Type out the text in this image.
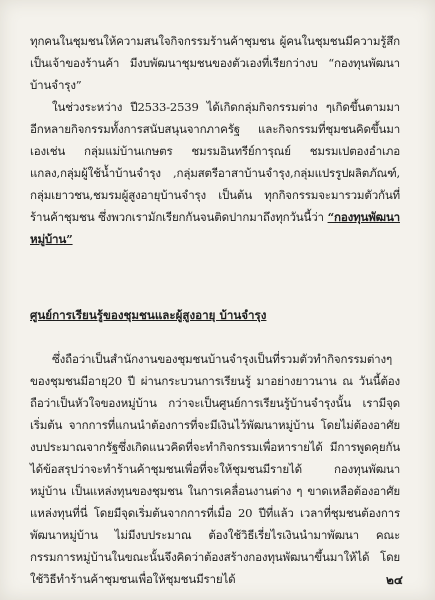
ทุกคนในชุมชนให้ความสนใจกิจกรรมร้านค้าชุมชน ผู้คนในชุมชนมีความรู้สึกเป็นเจ้าของร้านค้า มีงบพัฒนาชุมชนของตัวเองที่เรียกว่างบ “กองทุนพัฒนาบ้านจำรุง”
ในช่วงระหว่าง ปี2533-2539 ได้เกิดกลุ่มกิจกรรมต่าง ๆเกิดขึ้นตามมา อีกหลายกิจกรรมทั้งการสนับสนุนจากภาครัฐ และกิจกรรมที่ชุมชนคิดขึ้นมาเองเช่น กลุ่มแม่บ้านเกษตร ชมรมอินทรีย์การุณย์ ชมรมเปตองอำเภอแกลง,กลุ่มผู้ใช้น้ำบ้านจำรุง ,กลุ่มสตรีอาสาบ้านจำรุง,กลุ่มแปรรูปผลิตภัณฑ์, กลุ่มเยาวชน,ชมรมผู้สูงอายุบ้านจำรุง เป็นต้น ทุกกิจกรรมจะมารวมตัวกันที่ร้านค้าชุมชน ซึ่งพวกเรามักเรียกกันจนติดปากมาถึงทุกวันนี้ว่า “กองทุนพัฒนาหมู่บ้าน”
ศูนย์การเรียนรู้ของชุมชนและผู้สูงอายุ บ้านจำรุง
ซึ่งถือว่าเป็นสำนักงานของชุมชนบ้านจำรุงเป็นที่รวมตัวทำกิจกรรมต่างๆของชุมชนมีอายุ20 ปี ผ่านกระบวนการเรียนรู้ มาอย่างยาวนาน ณ วันนี้ต้องถือว่าเป็นหัวใจของหมู่บ้าน กว่าจะเป็นศูนย์การเรียนรู้บ้านจำรุงนั้น เรามีจุดเริ่มต้น จากการที่แกนนำต้องการที่จะมีเงินไว้พัฒนาหมู่บ้าน โดยไม่ต้องอาศัยงบประมาณจากรัฐซึ่งเกิดแนวคิดที่จะทำกิจกรรมเพื่อหารายได้ มีการพูดคุยกันได้ข้อสรุปว่าจะทำร้านค้าชุมชนเพื่อที่จะให้ชุมชนมีรายได้ กองทุนพัฒนาหมู่บ้าน เป็นแหล่งทุนของชุมชน ในการเคลื่อนงานต่าง ๆ ขาดเหลือต้องอาศัยแหล่งทุนที่นี่ โดยมีจุดเริ่มต้นจากการที่เมื่อ 20 ปีที่แล้ว เวลาที่ชุมชนต้องการพัฒนาหมู่บ้าน ไม่มีงบประมาณ ต้องใช้วิธีเรี่ยไรเงินนำมาพัฒนา คณะกรรมการหมู่บ้านในขณะนั้นจึงคิดว่าต้องสร้างกองทุนพัฒนาขึ้นมาให้ได้ โดยใช้วิธีทำร้านค้าชุมชนเพื่อให้ชุมชนมีรายได้	๒๔
